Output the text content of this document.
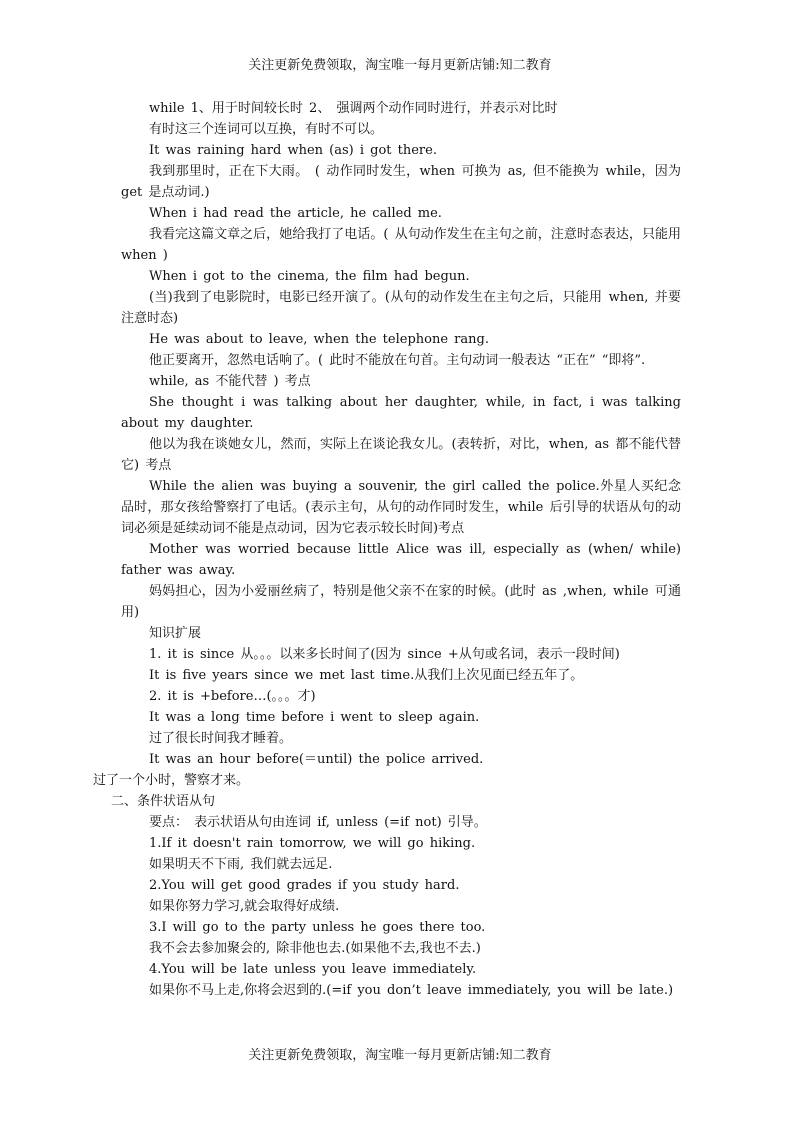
关注更新免费领取，淘宝唯一每月更新店铺:知二教育

while 1、用于时间较长时 2、 强调两个动作同时进行，并表示对比时

有时这三个连词可以互换，有时不可以。

It was raining hard when (as) i got there.

我到那里时，正在下大雨。 ( 动作同时发生，when 可换为 as, 但不能换为 while，因为 get 是点动词.)

When i had read the article, he called me.

我看完这篇文章之后，她给我打了电话。( 从句动作发生在主句之前，注意时态表达，只能用 when )

When i got to the cinema, the film had begun.

(当)我到了电影院时，电影已经开演了。(从句的动作发生在主句之后，只能用 when, 并要注意时态)

He was about to leave, when the telephone rang.

他正要离开，忽然电话响了。( 此时不能放在句首。主句动词一般表达 “正在” “即将”.

while, as 不能代替 ) 考点

She thought i was talking about her daughter, while, in fact, i was talking about my daughter.

他以为我在谈她女儿，然而，实际上在谈论我女儿。(表转折，对比，when, as 都不能代替它) 考点

While the alien was buying a souvenir, the girl called the police.外星人买纪念品时，那女孩给警察打了电话。(表示主句，从句的动作同时发生，while 后引导的状语从句的动词必须是延续动词不能是点动词，因为它表示较长时间)考点

Mother was worried because little Alice was ill, especially as (when/ while) father was away.

妈妈担心，因为小爱丽丝病了，特别是他父亲不在家的时候。(此时 as ,when, while 可通用)

知识扩展

1. it is since 从。。。以来多长时间了(因为 since +从句或名词，表示一段时间)

It is five years since we met last time.从我们上次见面已经五年了。

2. it is +before…(。。。才)

It was a long time before i went to sleep again.

过了很长时间我才睡着。

It was an hour before(＝until) the police arrived.

过了一个小时，警察才来。

二、条件状语从句

要点： 表示状语从句由连词 if, unless (=if not) 引导。

1.If it doesn't rain tomorrow, we will go hiking.

如果明天不下雨, 我们就去远足.

2.You will get good grades if you study hard.

如果你努力学习,就会取得好成绩.

3.I will go to the party unless he goes there too.

我不会去参加聚会的, 除非他也去.(如果他不去,我也不去.)

4.You will be late unless you leave immediately.

如果你不马上走,你将会迟到的.(=if you don’t leave immediately, you will be late.)

关注更新免费领取，淘宝唯一每月更新店铺:知二教育
